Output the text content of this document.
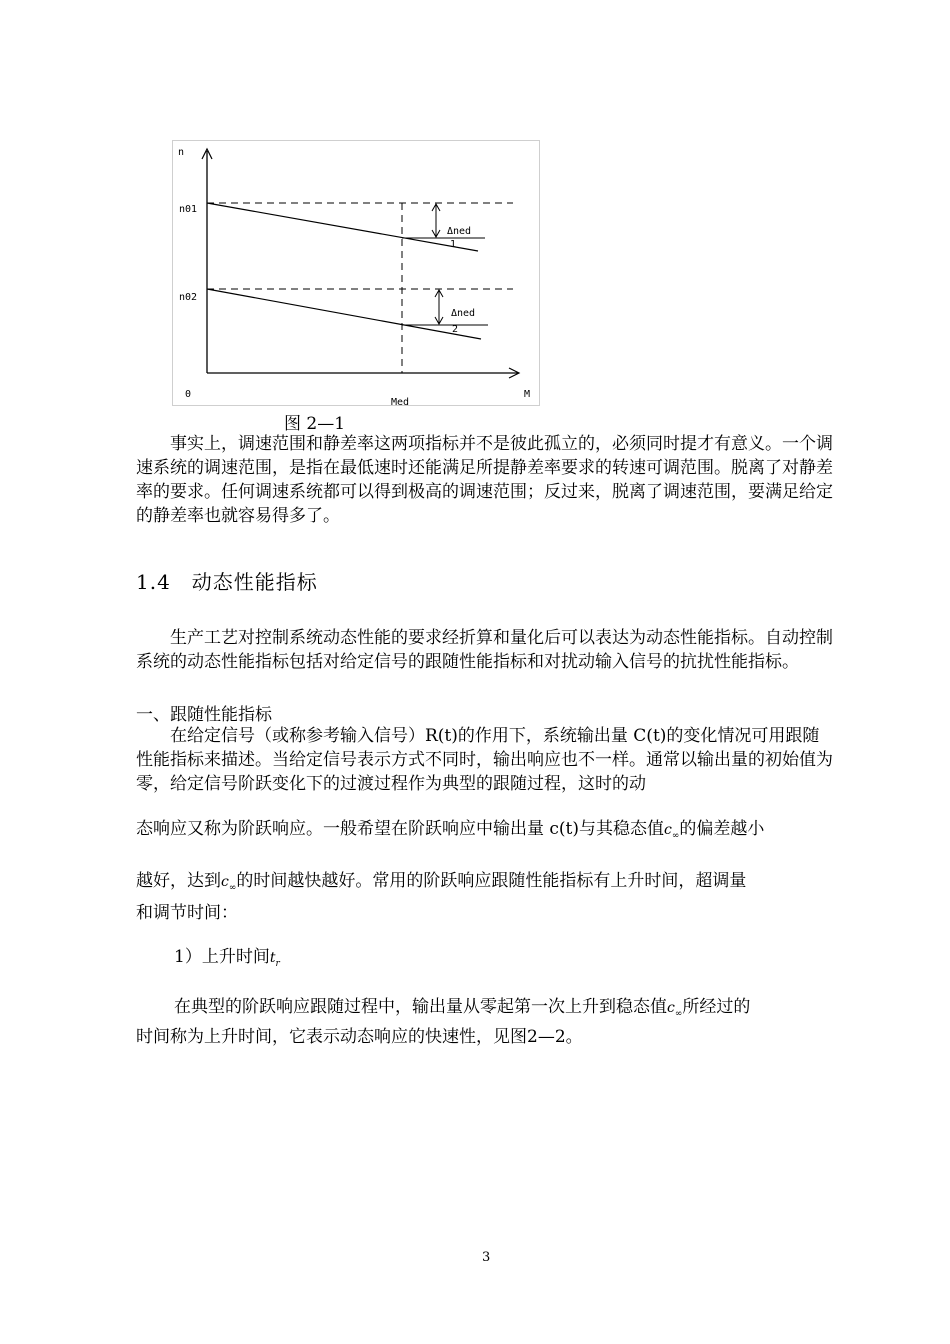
n
M
0
Med
n01
n02
Δned
1
Δned
2
图 2—1
事实上，调速范围和静差率这两项指标并不是彼此孤立的，必须同时提才有意义。一个调速系统的调速范围，是指在最低速时还能满足所提静差率要求的转速可调范围。脱离了对静差率的要求。任何调速系统都可以得到极高的调速范围；反过来，脱离了调速范围，要满足给定的静差率也就容易得多了。
1.4　动态性能指标
生产工艺对控制系统动态性能的要求经折算和量化后可以表达为动态性能指标。自动控制系统的动态性能指标包括对给定信号的跟随性能指标和对扰动输入信号的抗扰性能指标。
一、跟随性能指标
在给定信号（或称参考输入信号）R(t)的作用下，系统输出量 C(t)的变化情况可用跟随性能指标来描述。当给定信号表示方式不同时，输出响应也不一样。通常以输出量的初始值为零，给定信号阶跃变化下的过渡过程作为典型的跟随过程，这时的动
态响应又称为阶跃响应。一般希望在阶跃响应中输出量 c(t)与其稳态值$c_\infty$的偏差越小
越好，达到$c_\infty$的时间越快越好。常用的阶跃响应跟随性能指标有上升时间，超调量
和调节时间：
1）上升时间$t_r$
在典型的阶跃响应跟随过程中，输出量从零起第一次上升到稳态值$c_\infty$所经过的
时间称为上升时间，它表示动态响应的快速性，见图2—2。
3
